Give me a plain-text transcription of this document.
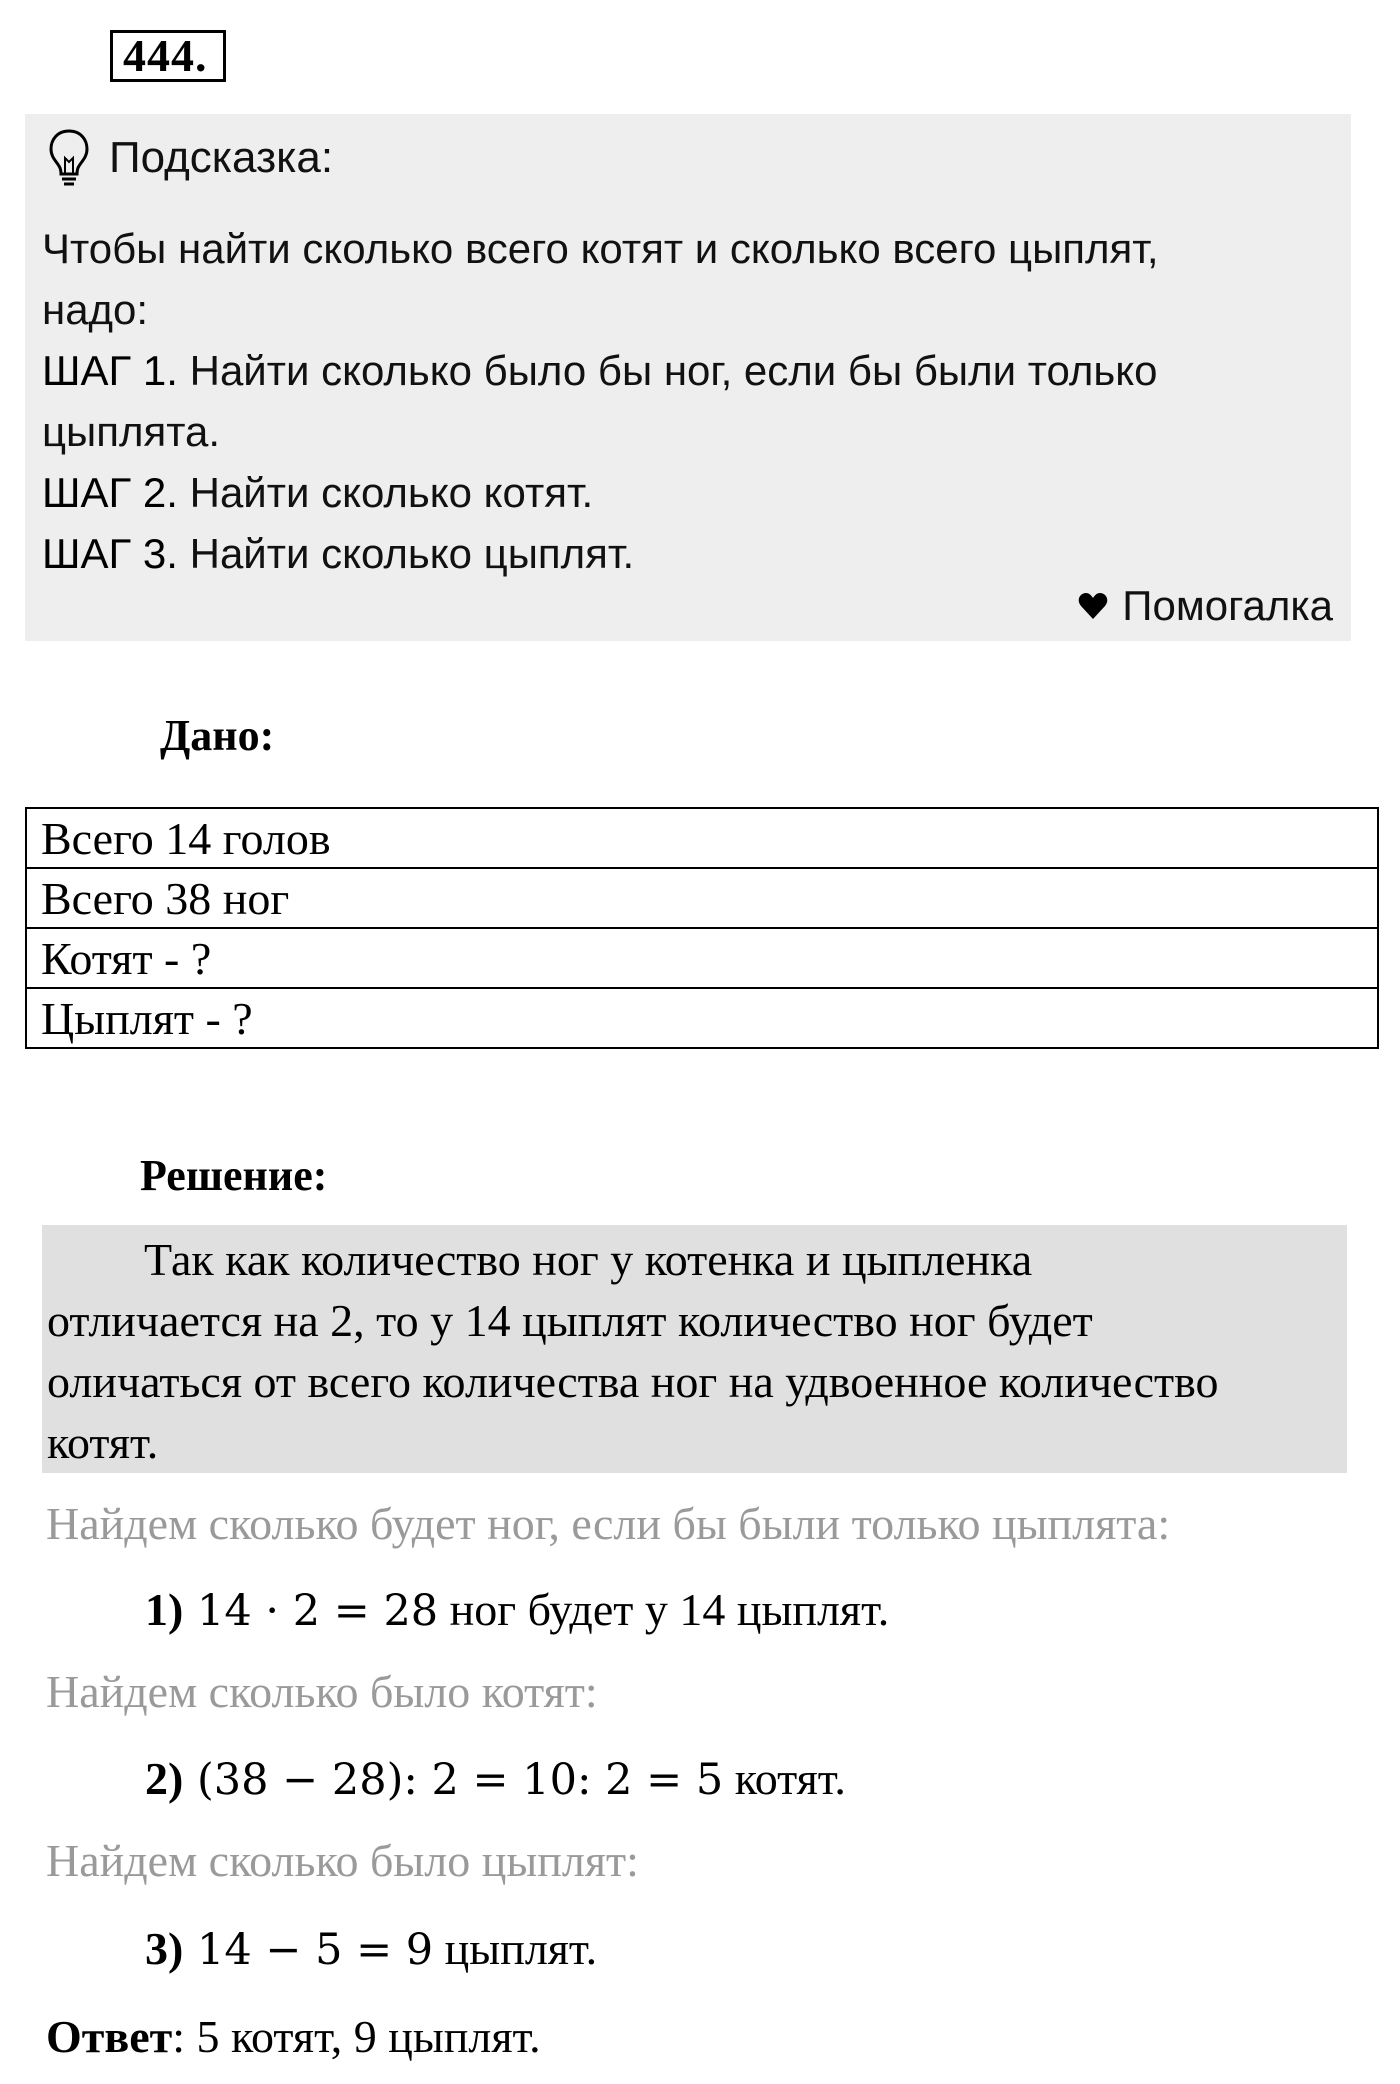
444.
Подсказка:
Чтобы найти сколько всего котят и сколько всего цыплят,
надо:
ШАГ 1. Найти сколько было бы ног, если бы были только
цыплята.
ШАГ 2. Найти сколько котят.
ШАГ 3. Найти сколько цыплят.
Помогалка
Дано:
Всего 14 голов
Всего 38 ног
Котят - ?
Цыплят - ?
Решение:
Так как количество ног у котенка и цыпленка
отличается на 2, то у 14 цыплят количество ног будет
оличаться от всего количества ног на удвоенное количество
котят.
Найдем сколько будет ног, если бы были только цыплята:
1) 14 · 2 = 28 ног будет у 14 цыплят.
Найдем сколько было котят:
2) (38 − 28): 2 = 10: 2 = 5 котят.
Найдем сколько было цыплят:
3) 14 − 5 = 9 цыплят.
Ответ: 5 котят, 9 цыплят.
